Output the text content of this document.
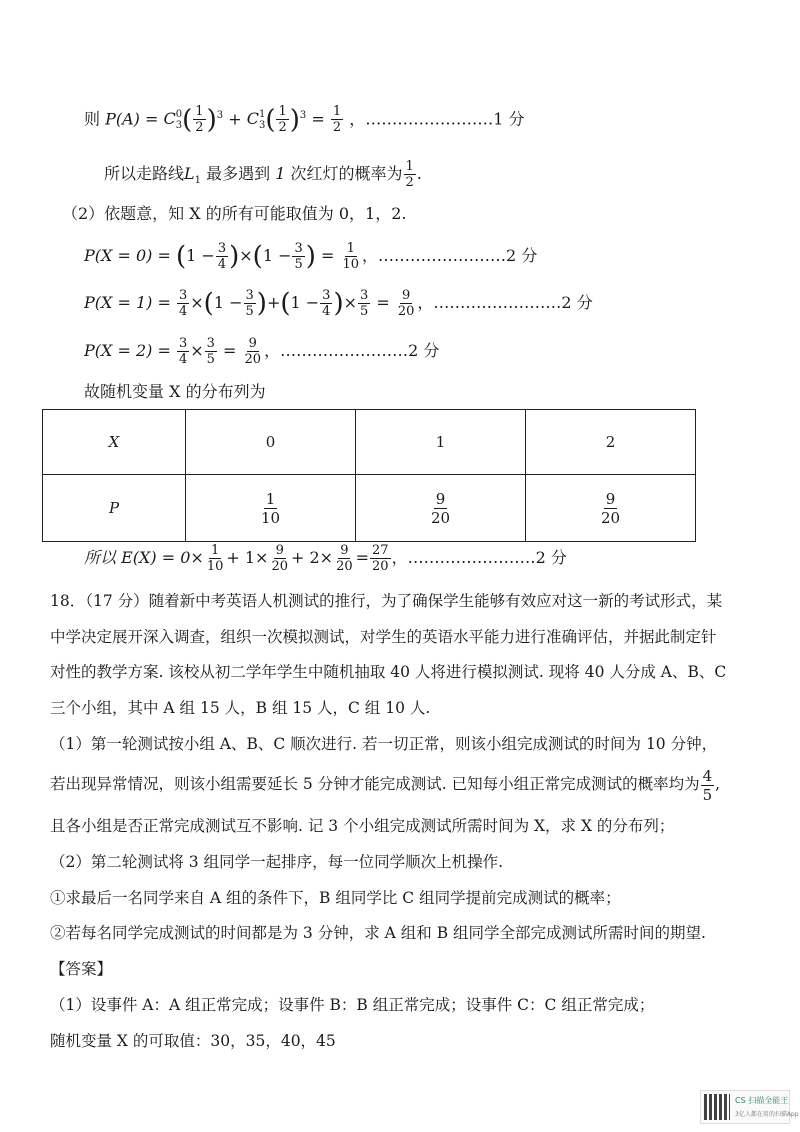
则 P(A) = C 0
3 ( $\frac{1}{2} )^3 + C$ 1
3 ( $\frac{1}{2} )^3 = \frac{1}{2}$ ，……………………1 分
所以走路线$L_1$ 最多遇到 1 次红灯的概率为 $\frac{1}{2}$ .
（2）依题意，知 X 的所有可能取值为 0，1，2.
$P(X = 0) = (1 - \frac{3}{4} )\times(1 - \frac{3}{5}$ ) = $\frac{1}{10}$ ，……………………2 分
$P(X = 1) = \frac{3}{4} \times(1 - \frac{3}{5} )+(1 - \frac{3}{4}$ )× $\frac{3}{5} = \frac{9}{20}$ ，……………………2 分
$P(X = 2) = \frac{3}{4} \times \frac{3}{5} = \frac{9}{20}$ ，……………………2 分
故随机变量 X 的分布列为
X	0	1	2
P	$\frac{1}{10}$	$\frac{9}{20}$	$\frac{9}{20}$
所以 $E(X) = 0\times \frac{1}{10} + 1\times \frac{9}{20} + 2\times \frac{9}{20} = \frac{27}{20}$ ，……………………2 分
18．（17 分）随着新中考英语人机测试的推行，为了确保学生能够有效应对这一新的考试形式，某
中学决定展开深入调查，组织一次模拟测试，对学生的英语水平能力进行准确评估，并据此制定针
对性的教学方案. 该校从初二学年学生中随机抽取 40 人将进行模拟测试. 现将 40 人分成 A、B、C
三个小组，其中 A 组 15 人，B 组 15 人，C 组 10 人.
（1）第一轮测试按小组 A、B、C 顺次进行. 若一切正常，则该小组完成测试的时间为 10 分钟，
若出现异常情况，则该小组需要延长 5 分钟才能完成测试. 已知每小组正常完成测试的概率均为 $\frac{4}{5}$ ,
且各小组是否正常完成测试互不影响. 记 3 个小组完成测试所需时间为 X，求 X 的分布列；
（2）第二轮测试将 3 组同学一起排序，每一位同学顺次上机操作.
①求最后一名同学来自 A 组的条件下，B 组同学比 C 组同学提前完成测试的概率；
②若每名同学完成测试的时间都是为 3 分钟，求 A 组和 B 组同学全部完成测试所需时间的期望.
【答案】
（1）设事件 A：A 组正常完成；设事件 B：B 组正常完成；设事件 C：C 组正常完成；
随机变量 X 的可取值：30，35，40，45
CS 扫描全能王
3亿人都在用的扫描App
